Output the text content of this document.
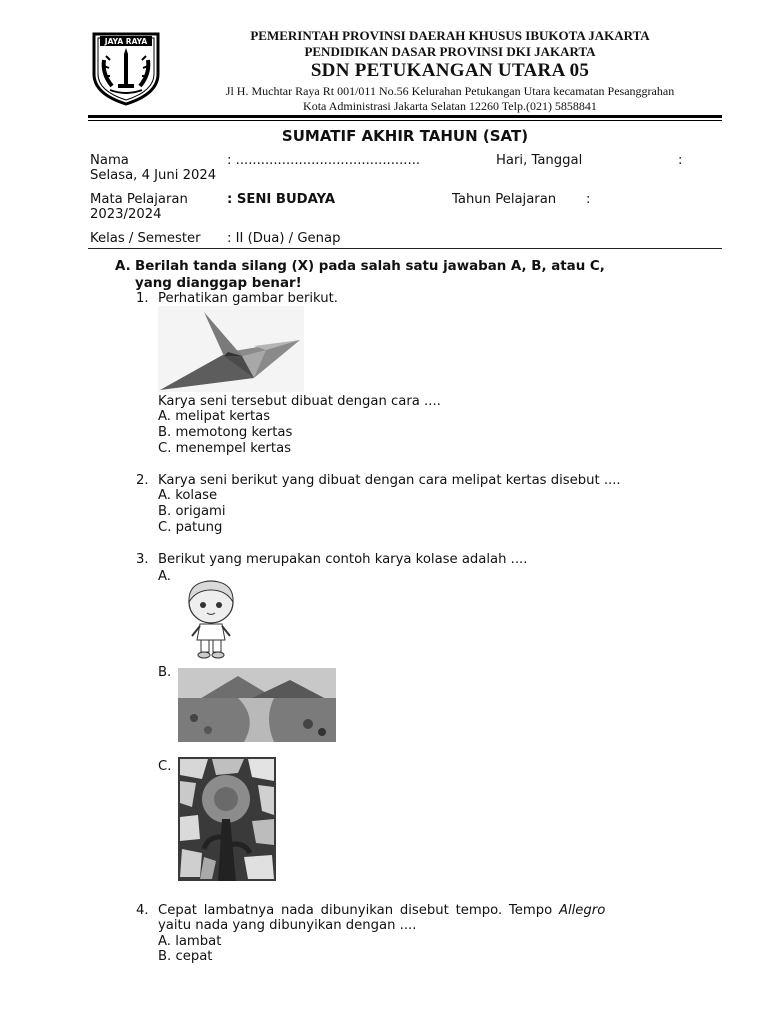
JAYA RAYA	PEMERINTAH PROVINSI DAERAH KHUSUS IBUKOTA JAKARTA
PENDIDIKAN DASAR PROVINSI DKI JAKARTA
SDN PETUKANGAN UTARA 05
Jl H. Muchtar Raya Rt 001/011 No.56 Kelurahan Petukangan Utara kecamatan Pesanggrahan
Kota Administrasi Jakarta Selatan 12260 Telp.(021) 5858841
SUMATIF AKHIR TAHUN (SAT)
Nama	: ............................................	Hari, Tanggal	:
Selasa, 4 Juni 2024
Mata Pelajaran	: SENI BUDAYA	Tahun Pelajaran :
2023/2024
Kelas / Semester : II (Dua) / Genap
A. Berilah tanda silang (X) pada salah satu jawaban A, B, atau C,
yang dianggap benar!
1. Perhatikan gambar berikut.
Karya seni tersebut dibuat dengan cara ....
A. melipat kertas
B. memotong kertas
C. menempel kertas
2. Karya seni berikut yang dibuat dengan cara melipat kertas disebut ....
A. kolase
B. origami
C. patung
3. Berikut yang merupakan contoh karya kolase adalah ....
A.
B.
C.
4. Cepat lambatnya nada dibunyikan disebut tempo. Tempo Allegro
yaitu nada yang dibunyikan dengan ....
A. lambat
B. cepat
